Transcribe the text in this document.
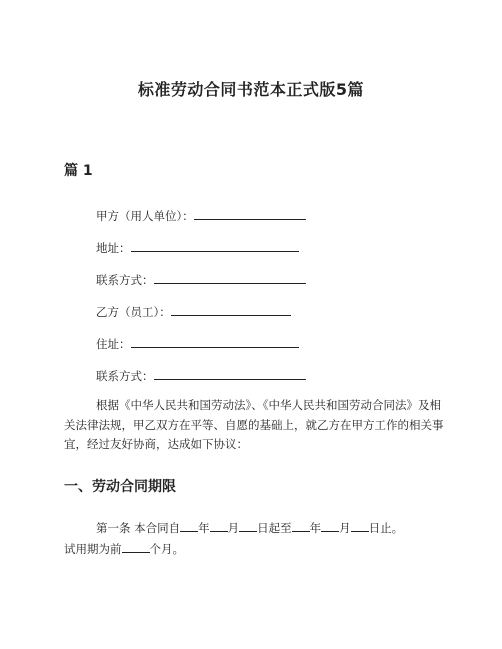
标准劳动合同书范本正式版5篇
篇 1
甲方（用人单位）：
地址：
联系方式：
乙方（员工）：
住址：
联系方式：
根据《中华人民共和国劳动法》、《中华人民共和国劳动合同法》及相关法律法规，甲乙双方在平等、自愿的基础上，就乙方在甲方工作的相关事宜，经过友好协商，达成如下协议：
一、劳动合同期限
第一条 本合同自 年 月 日起至 年 月 日止。
试用期为前 个月。
